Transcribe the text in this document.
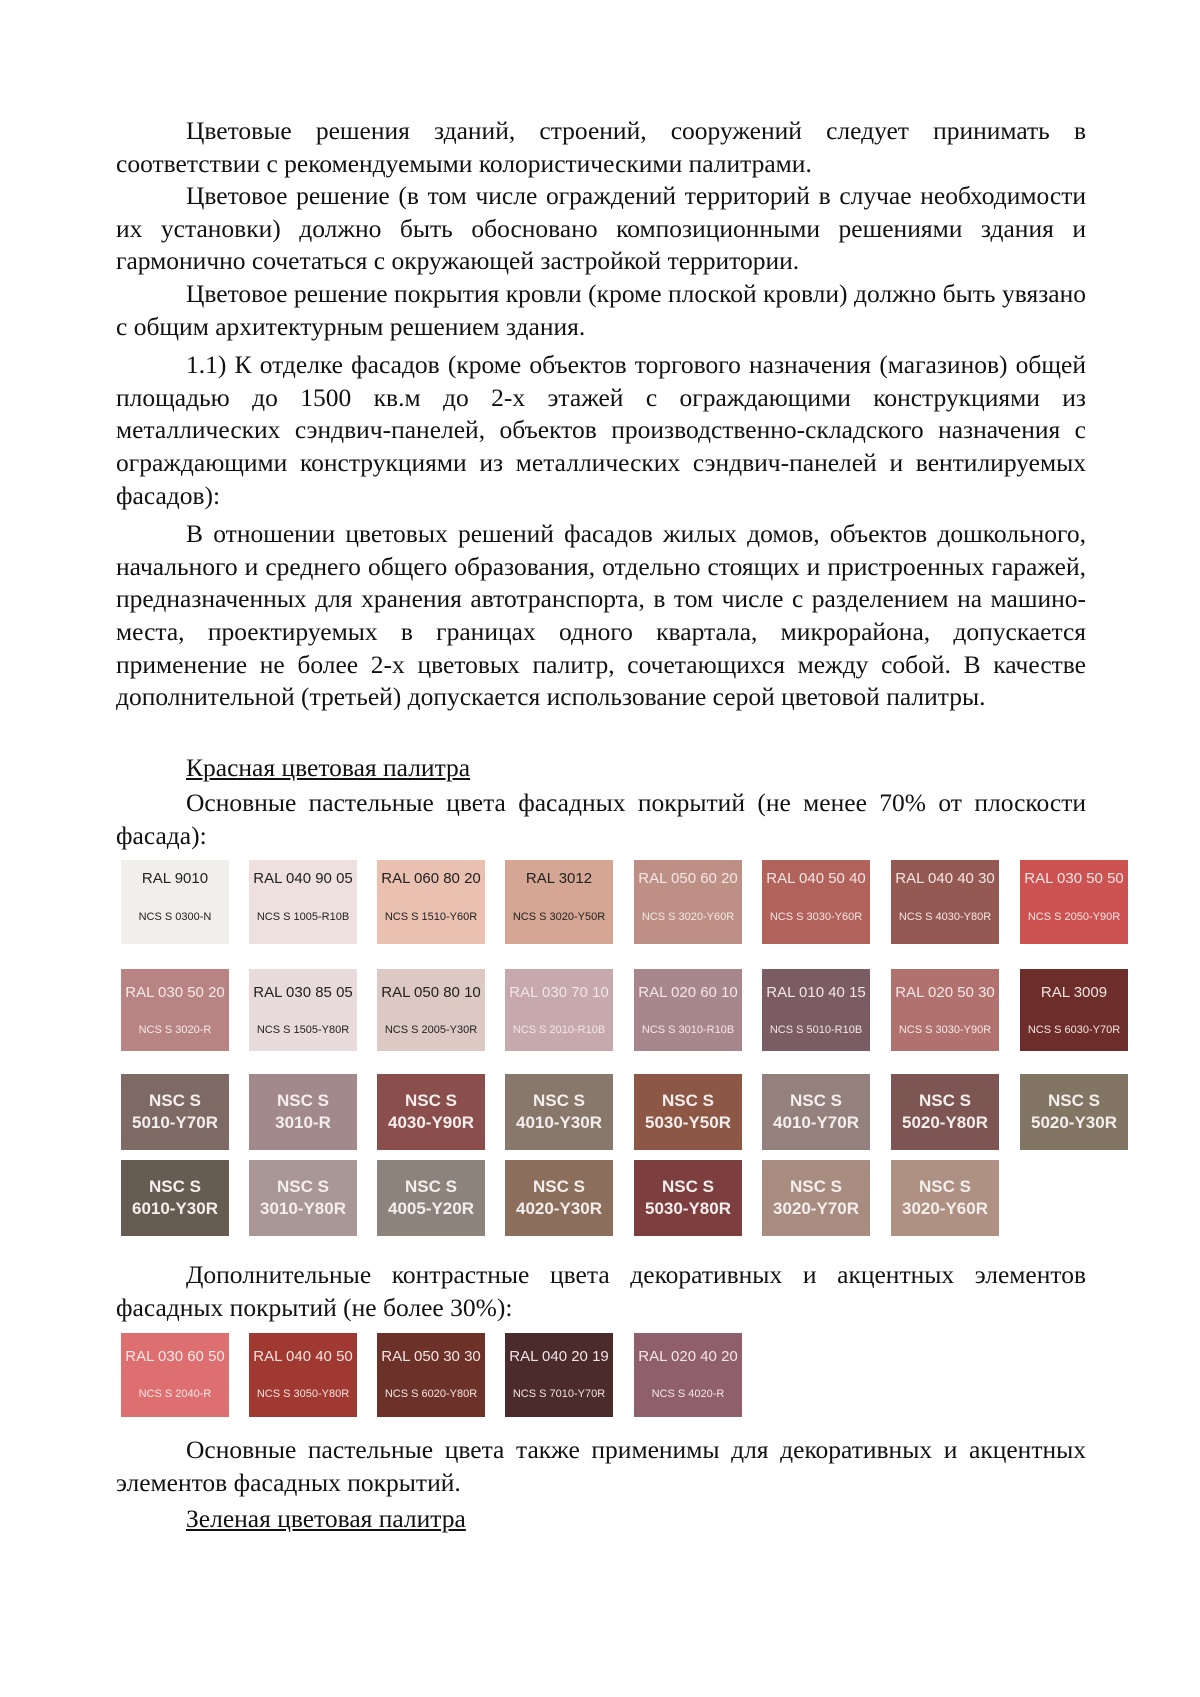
Цветовые решения зданий, строений, сооружений следует принимать в соответствии с рекомендуемыми колористическими палитрами.

Цветовое решение (в том числе ограждений территорий в случае необходимости их установки) должно быть обосновано композиционными решениями здания и гармонично сочетаться с окружающей застройкой территории.

Цветовое решение покрытия кровли (кроме плоской кровли) должно быть увязано с общим архитектурным решением здания.

1.1) К отделке фасадов (кроме объектов торгового назначения (магазинов) общей площадью до 1500 кв.м до 2-х этажей с ограждающими конструкциями из металлических сэндвич-панелей, объектов производственно-складского назначения с ограждающими конструкциями из металлических сэндвич-панелей и вентилируемых фасадов):

В отношении цветовых решений фасадов жилых домов, объектов дошкольного, начального и среднего общего образования, отдельно стоящих и пристроенных гаражей, предназначенных для хранения автотранспорта, в том числе с разделением на машино-места, проектируемых в границах одного квартала, микрорайона, допускается применение не более 2-х цветовых палитр, сочетающихся между собой. В качестве дополнительной (третьей) допускается использование серой цветовой палитры.

Красная цветовая палитра

Основные пастельные цвета фасадных покрытий (не менее 70% от плоскости фасада):

RAL 9010
NCS S 0300-N
RAL 040 90 05
NCS S 1005-R10B
RAL 060 80 20
NCS S 1510-Y60R
RAL 3012
NCS S 3020-Y50R
RAL 050 60 20
NCS S 3020-Y60R
RAL 040 50 40
NCS S 3030-Y60R
RAL 040 40 30
NCS S 4030-Y80R
RAL 030 50 50
NCS S 2050-Y90R
RAL 030 50 20
NCS S 3020-R
RAL 030 85 05
NCS S 1505-Y80R
RAL 050 80 10
NCS S 2005-Y30R
RAL 030 70 10
NCS S 2010-R10B
RAL 020 60 10
NCS S 3010-R10B
RAL 010 40 15
NCS S 5010-R10B
RAL 020 50 30
NCS S 3030-Y90R
RAL 3009
NCS S 6030-Y70R
NSC S
5010-Y70R
NSC S
3010-R
NSC S
4030-Y90R
NSC S
4010-Y30R
NSC S
5030-Y50R
NSC S
4010-Y70R
NSC S
5020-Y80R
NSC S
5020-Y30R
NSC S
6010-Y30R
NSC S
3010-Y80R
NSC S
4005-Y20R
NSC S
4020-Y30R
NSC S
5030-Y80R
NSC S
3020-Y70R
NSC S
3020-Y60R
RAL 030 60 50
NCS S 2040-R
RAL 040 40 50
NCS S 3050-Y80R
RAL 050 30 30
NCS S 6020-Y80R
RAL 040 20 19
NCS S 7010-Y70R
RAL 020 40 20
NCS S 4020-R

Дополнительные контрастные цвета декоративных и акцентных элементов фасадных покрытий (не более 30%):

Основные пастельные цвета также применимы для декоративных и акцентных элементов фасадных покрытий.

Зеленая цветовая палитра
